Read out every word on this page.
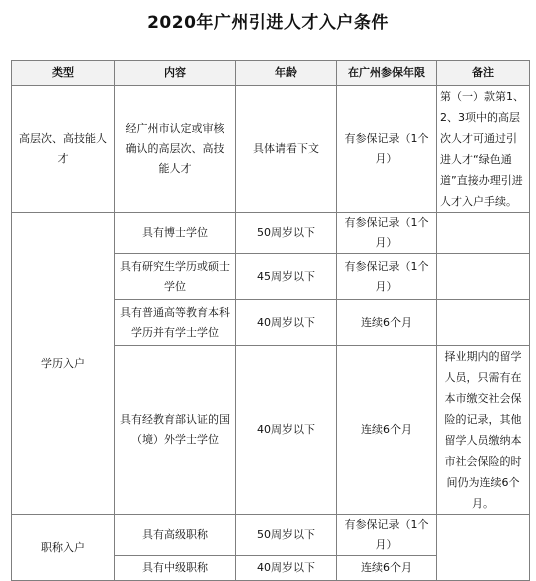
2020年广州引进人才入户条件
类型	内容	年龄	在广州参保年限	备注
高层次、高技能人才	经广州市认定或审核确认的高层次、高技能人才	具体请看下文	有参保记录（1个月）	第（一）款第1、2、3项中的高层次人才可通过引进人才“绿色通道”直接办理引进人才入户手续。
学历入户	具有博士学位	50周岁以下	有参保记录（1个月）	
	具有研究生学历或硕士学位	45周岁以下	有参保记录（1个月）	
	具有普通高等教育本科学历并有学士学位	40周岁以下	连续6个月	
	具有经教育部认证的国（境）外学士学位	40周岁以下	连续6个月	择业期内的留学人员，只需有在本市缴交社会保险的记录，其他留学人员缴纳本市社会保险的时间仍为连续6个月。
职称入户	具有高级职称	50周岁以下	有参保记录（1个月）	
	具有中级职称	40周岁以下	连续6个月	
